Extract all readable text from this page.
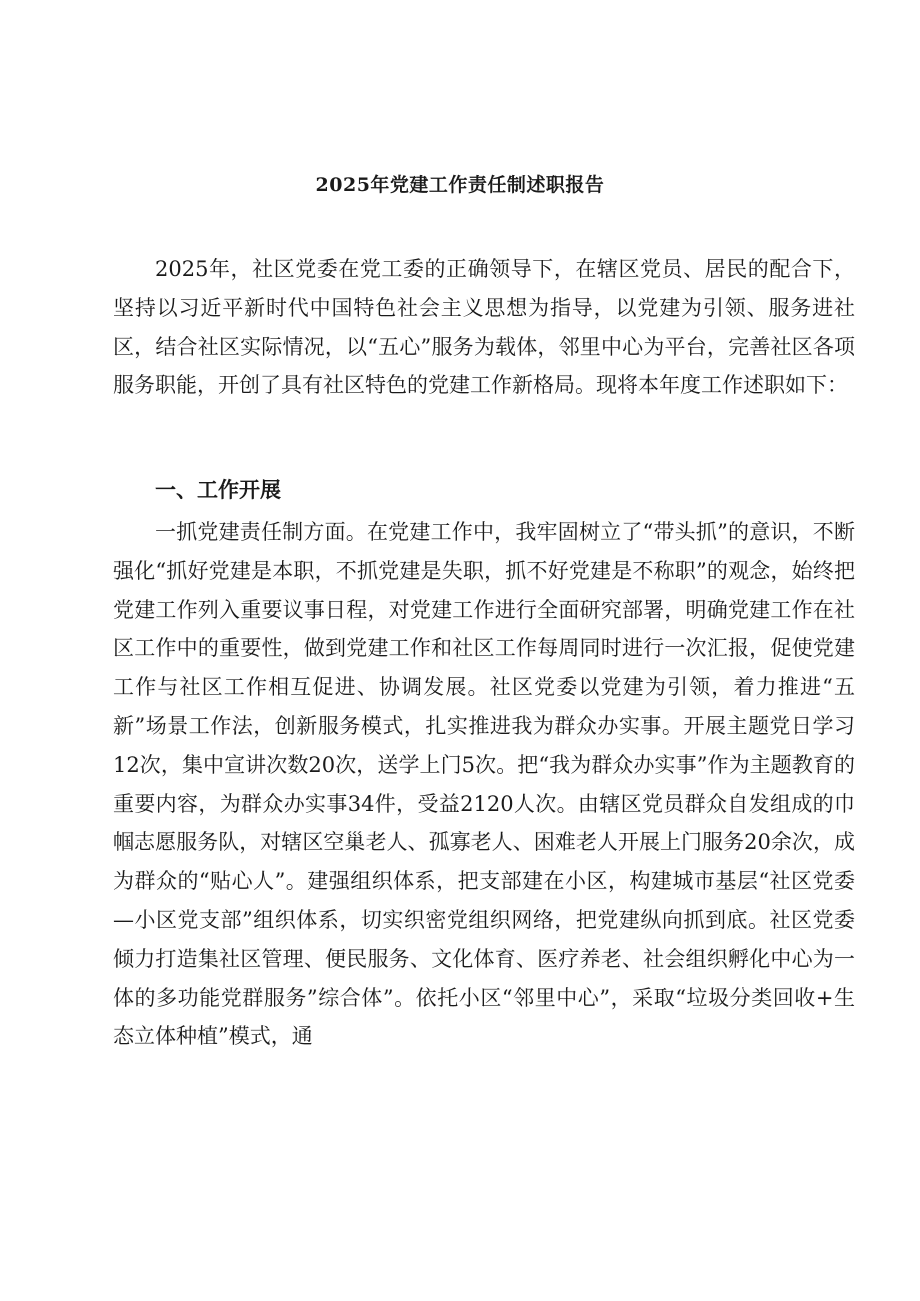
2025年党建工作责任制述职报告

2025年，社区党委在党工委的正确领导下，在辖区党员、居民的配合下，坚持以习近平新时代中国特色社会主义思想为指导，以党建为引领、服务进社区，结合社区实际情况，以“五心”服务为载体，邻里中心为平台，完善社区各项服务职能，开创了具有社区特色的党建工作新格局。现将本年度工作述职如下：

一、工作开展

一抓党建责任制方面。在党建工作中，我牢固树立了“带头抓”的意识，不断强化“抓好党建是本职，不抓党建是失职，抓不好党建是不称职”的观念，始终把党建工作列入重要议事日程，对党建工作进行全面研究部署，明确党建工作在社区工作中的重要性，做到党建工作和社区工作每周同时进行一次汇报，促使党建工作与社区工作相互促进、协调发展。社区党委以党建为引领，着力推进“五新”场景工作法，创新服务模式，扎实推进我为群众办实事。开展主题党日学习12次，集中宣讲次数20次，送学上门5次。把“我为群众办实事”作为主题教育的重要内容，为群众办实事34件，受益2120人次。由辖区党员群众自发组成的巾帼志愿服务队，对辖区空巢老人、孤寡老人、困难老人开展上门服务20余次，成为群众的“贴心人”。建强组织体系，把支部建在小区，构建城市基层“社区党委—小区党支部”组织体系，切实织密党组织网络，把党建纵向抓到底。社区党委倾力打造集社区管理、便民服务、文化体育、医疗养老、社会组织孵化中心为一体的多功能党群服务”综合体”。依托小区“邻里中心”，采取“垃圾分类回收+生态立体种植”模式，通
